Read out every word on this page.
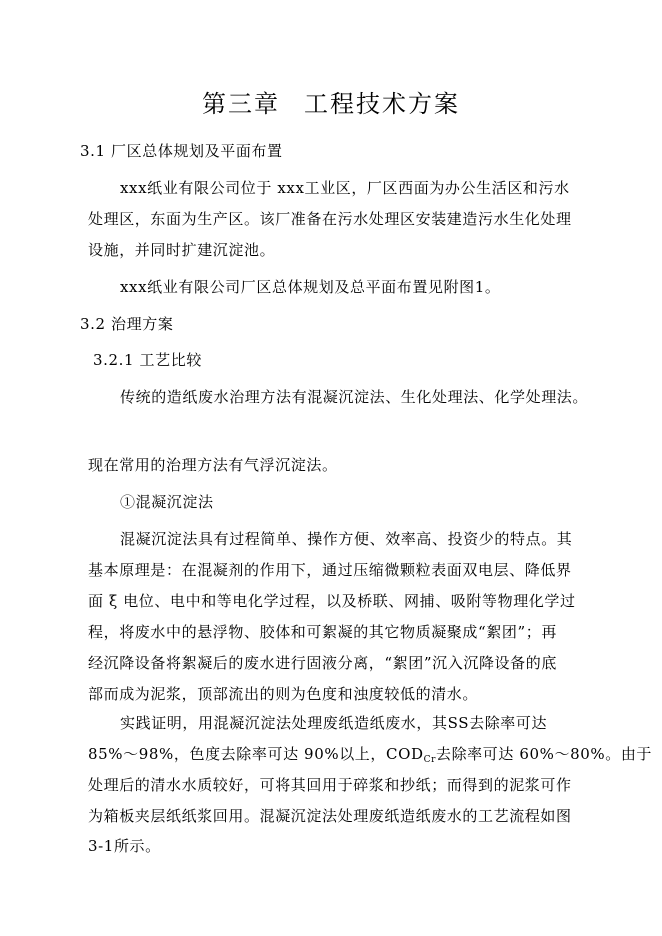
第三章 工程技术方案
3.1 厂区总体规划及平面布置
xxx纸业有限公司位于 xxx工业区，厂区西面为办公生活区和污水
处理区，东面为生产区。该厂准备在污水处理区安装建造污水生化处理
设施，并同时扩建沉淀池。
xxx纸业有限公司厂区总体规划及总平面布置见附图1。
3.2 治理方案
3.2.1 工艺比较
传统的造纸废水治理方法有混凝沉淀法、生化处理法、化学处理法。
现在常用的治理方法有气浮沉淀法。
①混凝沉淀法
混凝沉淀法具有过程简单、操作方便、效率高、投资少的特点。其
基本原理是：在混凝剂的作用下，通过压缩微颗粒表面双电层、降低界
面 ξ 电位、电中和等电化学过程，以及桥联、网捕、吸附等物理化学过
程，将废水中的悬浮物、胶体和可絮凝的其它物质凝聚成“絮团”；再
经沉降设备将絮凝后的废水进行固液分离，“絮团”沉入沉降设备的底
部而成为泥浆，顶部流出的则为色度和浊度较低的清水。
实践证明，用混凝沉淀法处理废纸造纸废水，其SS去除率可达
85%～98%，色度去除率可达 90%以上，$COD_{Cr}$去除率可达 60%～80%。由于
处理后的清水水质较好，可将其回用于碎浆和抄纸；而得到的泥浆可作
为箱板夹层纸纸浆回用。混凝沉淀法处理废纸造纸废水的工艺流程如图
3-1所示。
